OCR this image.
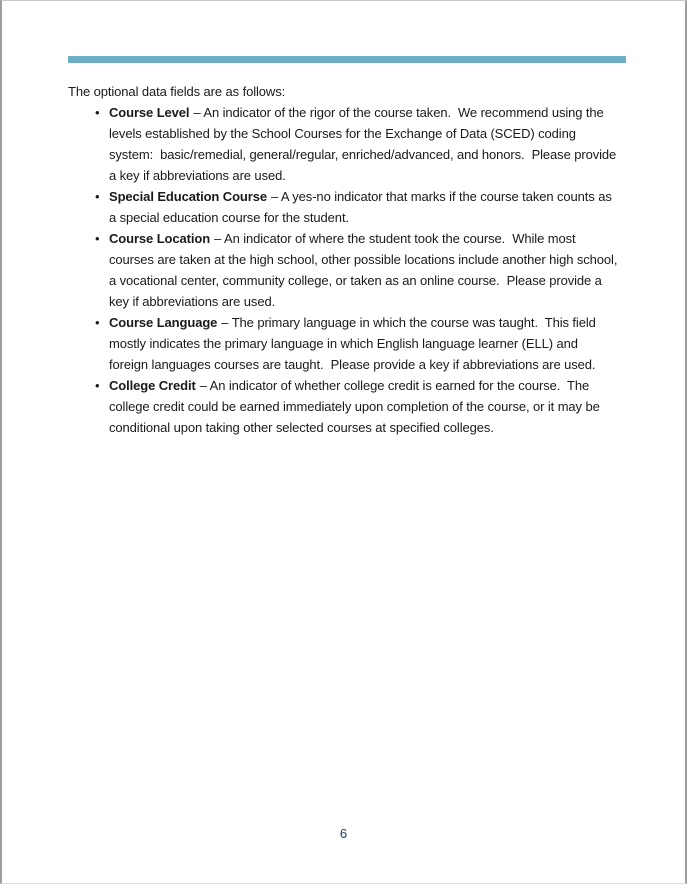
The optional data fields are as follows:

• Course Level – An indicator of the rigor of the course taken.  We recommend using the levels established by the School Courses for the Exchange of Data (SCED) coding system:  basic/remedial, general/regular, enriched/advanced, and honors.  Please provide a key if abbreviations are used.
• Special Education Course – A yes-no indicator that marks if the course taken counts as a special education course for the student.
• Course Location – An indicator of where the student took the course.  While most courses are taken at the high school, other possible locations include another high school, a vocational center, community college, or taken as an online course.  Please provide a key if abbreviations are used.
• Course Language – The primary language in which the course was taught.  This field mostly indicates the primary language in which English language learner (ELL) and foreign languages courses are taught.  Please provide a key if abbreviations are used.
• College Credit – An indicator of whether college credit is earned for the course.  The college credit could be earned immediately upon completion of the course, or it may be conditional upon taking other selected courses at specified colleges.
6
